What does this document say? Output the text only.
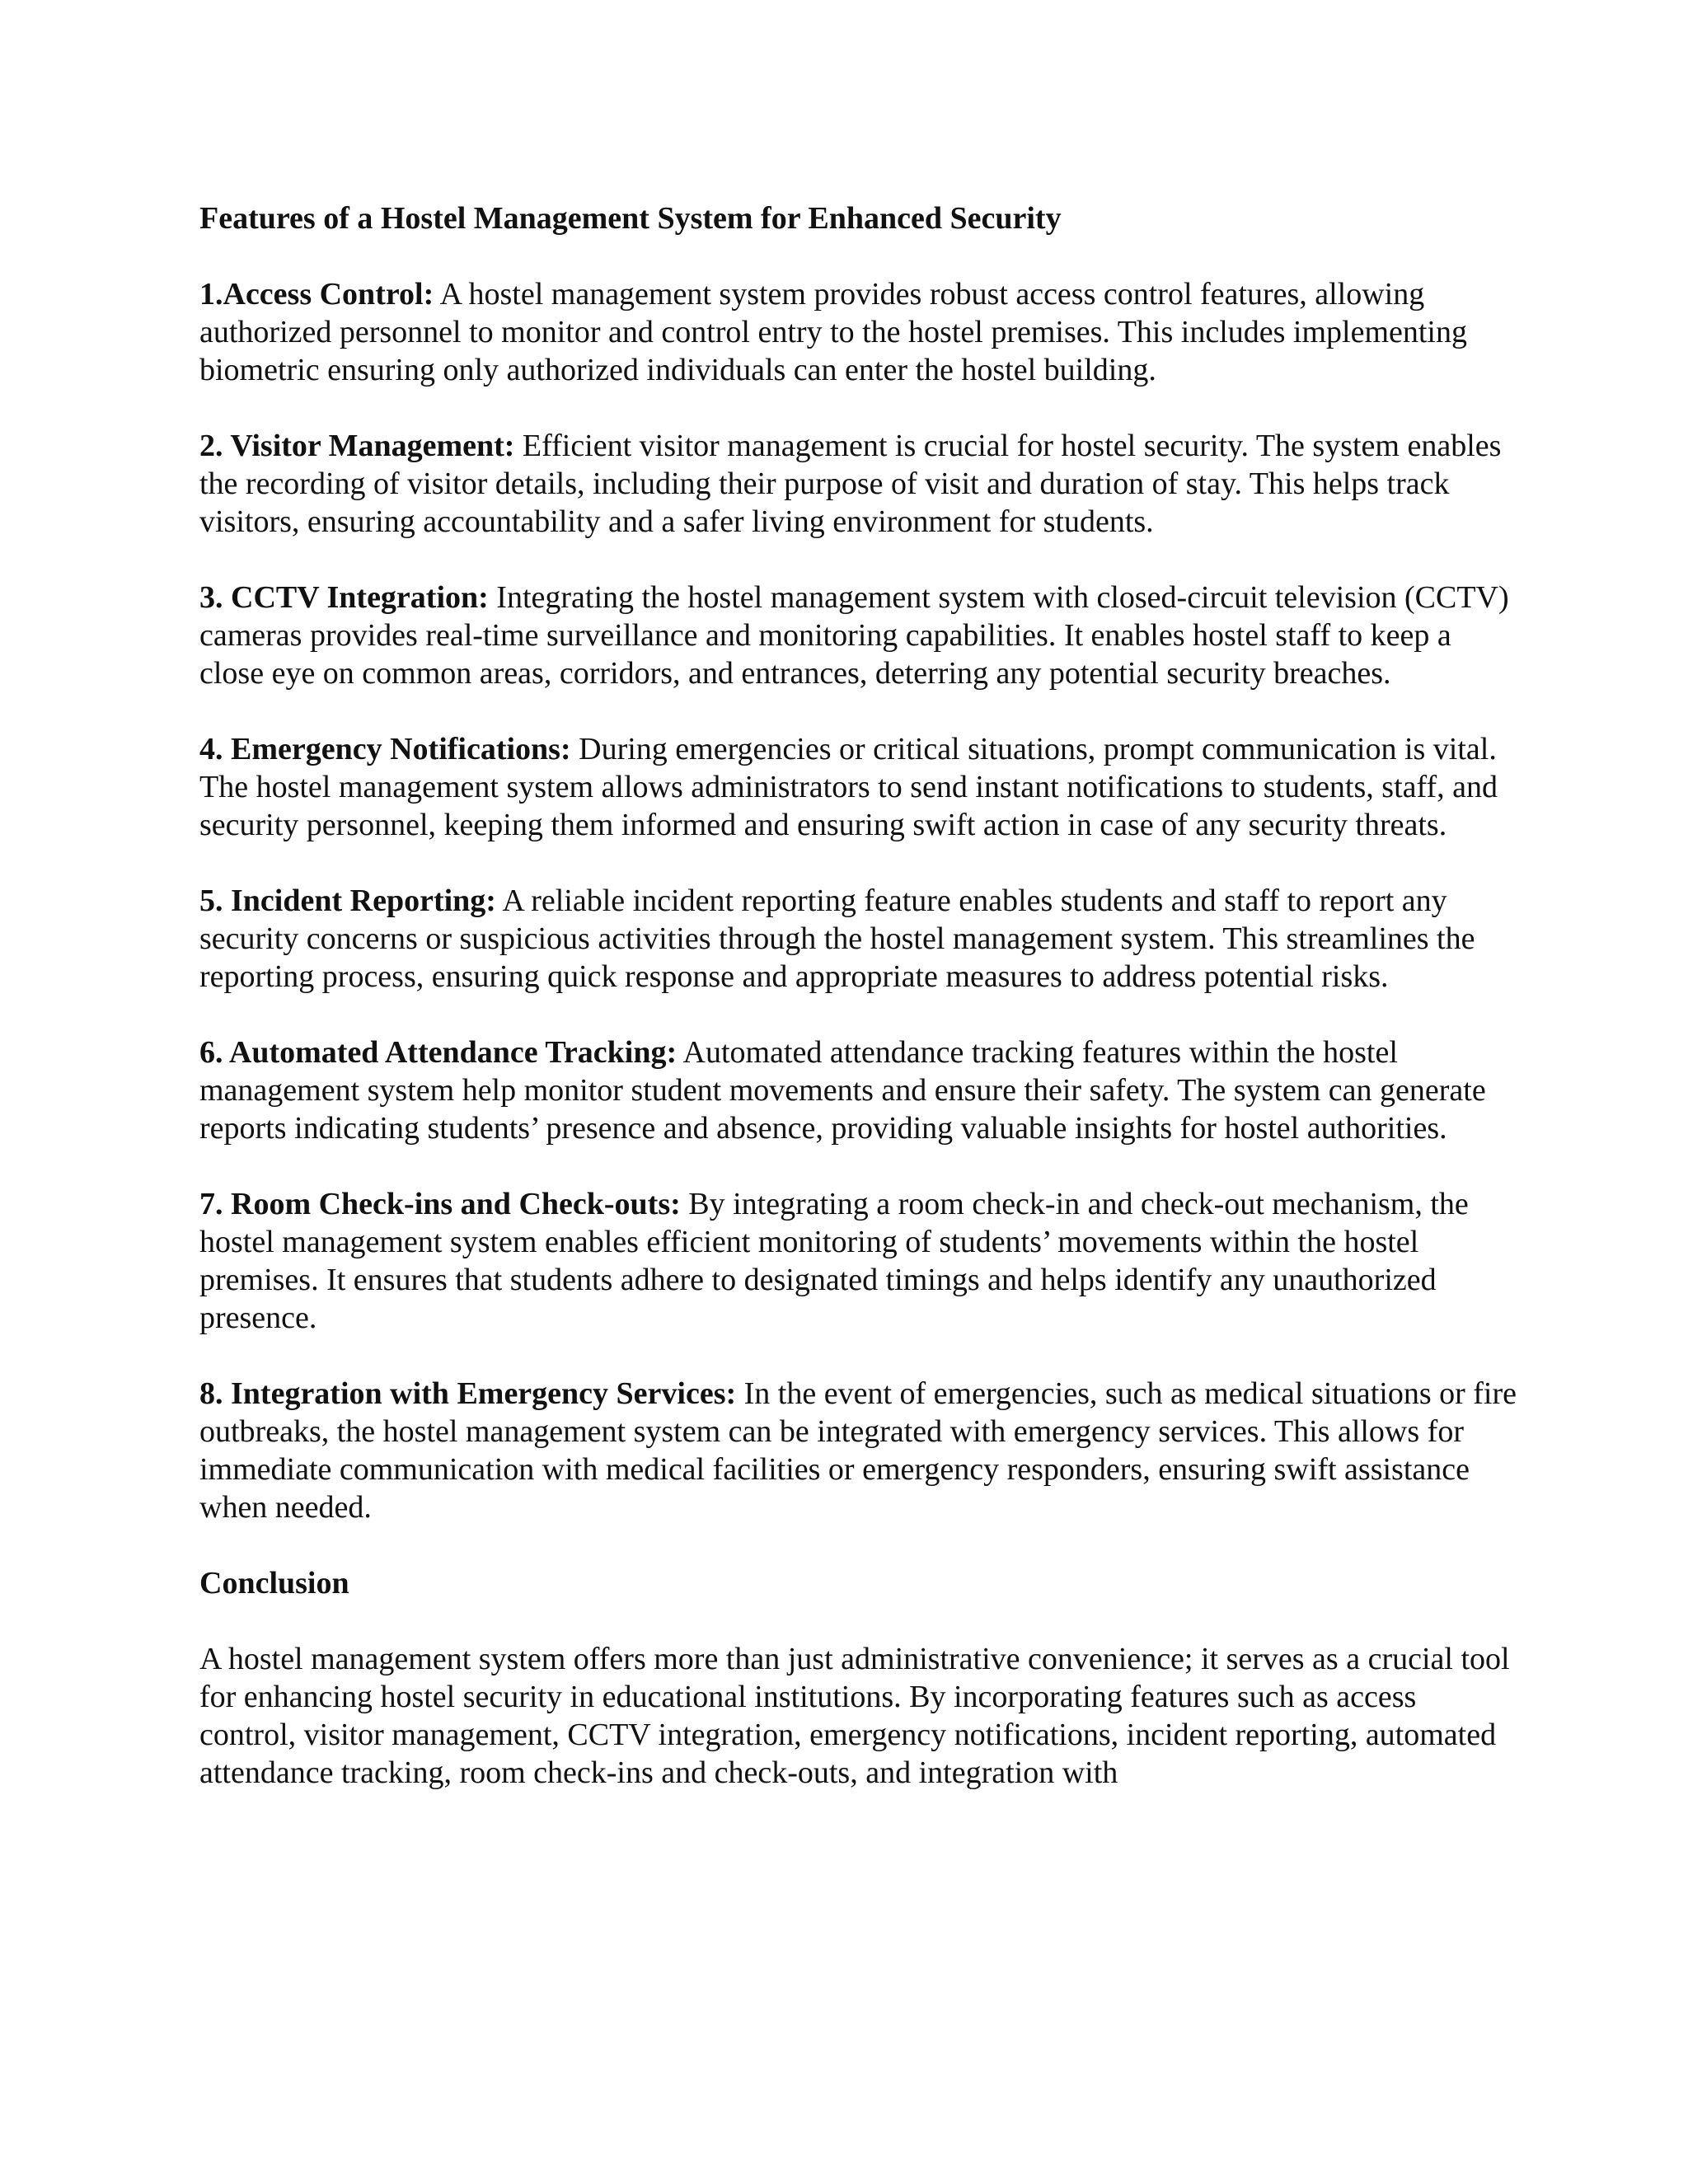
Features of a Hostel Management System for Enhanced Security

1.Access Control: A hostel management system provides robust access control features, allowing authorized personnel to monitor and control entry to the hostel premises. This includes implementing biometric ensuring only authorized individuals can enter the hostel building.

2. Visitor Management: Efficient visitor management is crucial for hostel security. The system enables the recording of visitor details, including their purpose of visit and duration of stay. This helps track visitors, ensuring accountability and a safer living environment for students.

3. CCTV Integration: Integrating the hostel management system with closed-circuit television (CCTV) cameras provides real-time surveillance and monitoring capabilities. It enables hostel staff to keep a close eye on common areas, corridors, and entrances, deterring any potential security breaches.

4. Emergency Notifications: During emergencies or critical situations, prompt communication is vital. The hostel management system allows administrators to send instant notifications to students, staff, and security personnel, keeping them informed and ensuring swift action in case of any security threats.

5. Incident Reporting: A reliable incident reporting feature enables students and staff to report any security concerns or suspicious activities through the hostel management system. This streamlines the reporting process, ensuring quick response and appropriate measures to address potential risks.

6. Automated Attendance Tracking: Automated attendance tracking features within the hostel management system help monitor student movements and ensure their safety. The system can generate reports indicating students’ presence and absence, providing valuable insights for hostel authorities.

7. Room Check-ins and Check-outs: By integrating a room check-in and check-out mechanism, the hostel management system enables efficient monitoring of students’ movements within the hostel premises. It ensures that students adhere to designated timings and helps identify any unauthorized presence.

8. Integration with Emergency Services: In the event of emergencies, such as medical situations or fire outbreaks, the hostel management system can be integrated with emergency services. This allows for immediate communication with medical facilities or emergency responders, ensuring swift assistance when needed.

Conclusion

A hostel management system offers more than just administrative convenience; it serves as a crucial tool for enhancing hostel security in educational institutions. By incorporating features such as access control, visitor management, CCTV integration, emergency notifications, incident reporting, automated attendance tracking, room check-ins and check-outs, and integration with
